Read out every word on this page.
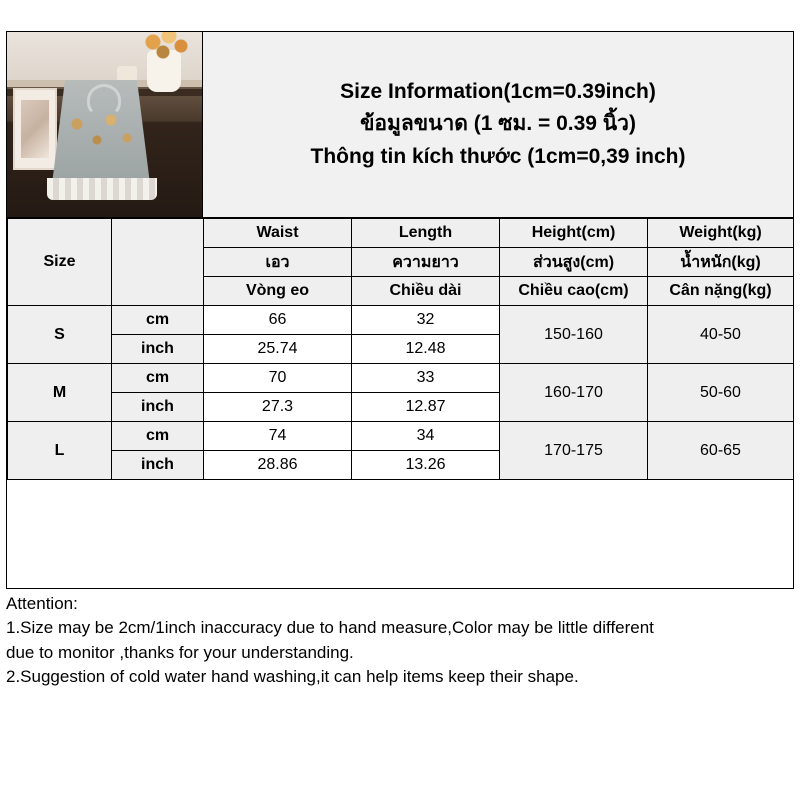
Size Information(1cm=0.39inch)
ข้อมูลขนาด (1 ซม. = 0.39 นิ้ว)
Thông tin kích thước (1cm=0,39 inch)
Size		Waist	Length	Height(cm)	Weight(kg)
		เอว	ความยาว	ส่วนสูง(cm)	น้ำหนัก(kg)
		Vòng eo	Chiều dài	Chiều cao(cm)	Cân nặng(kg)
S	cm	66	32	150-160	40-50
	inch	25.74	12.48		
M	cm	70	33	160-170	50-60
	inch	27.3	12.87		
L	cm	74	34	170-175	60-65
	inch	28.86	13.26		

Attention:

1.Size may be 2cm/1inch inaccuracy due to hand measure,Color may be little different

due to monitor ,thanks for your understanding.

2.Suggestion of cold water hand washing,it can help items keep their shape.
